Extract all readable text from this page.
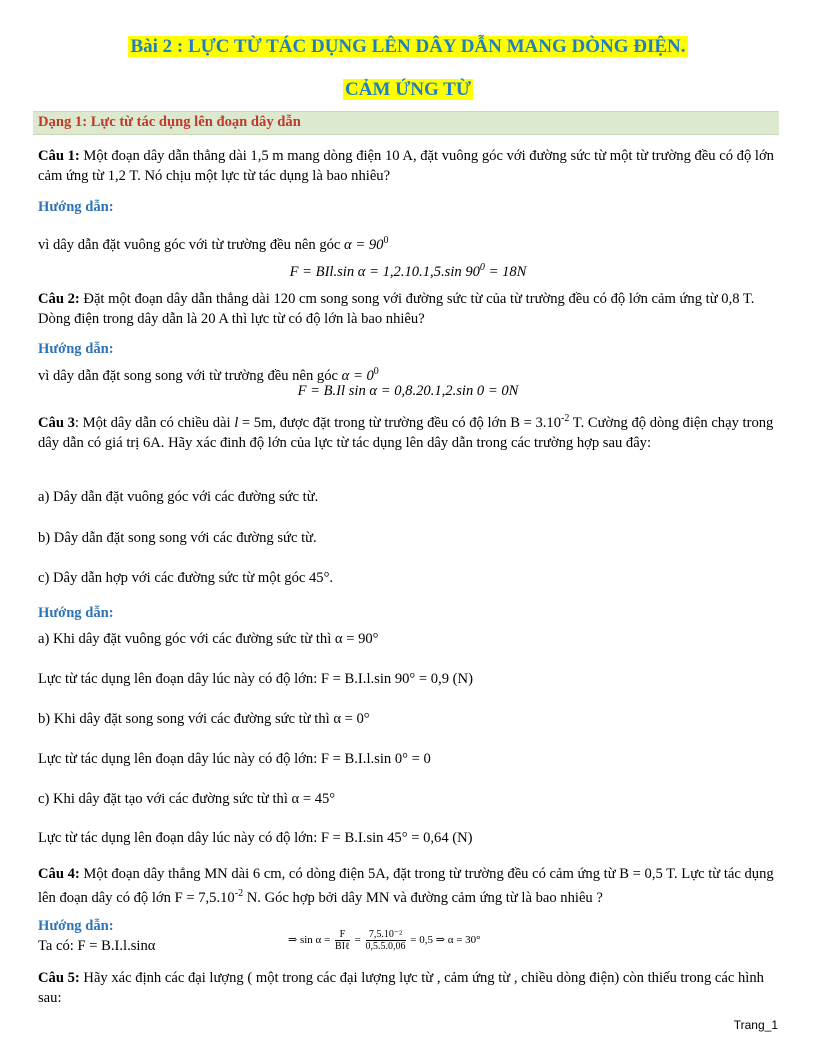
Bài 2 : LỰC TỪ TÁC DỤNG LÊN DÂY DẪN MANG DÒNG ĐIỆN.
CẢM ỨNG TỪ
Dạng 1: Lực từ tác dụng lên đoạn dây dẫn
Câu 1: Một đoạn dây dẫn thẳng dài 1,5 m mang dòng điện 10 A, đặt vuông góc với đường sức từ một từ trường đều có độ lớn cảm ứng từ 1,2 T. Nó chịu một lực từ tác dụng là bao nhiêu?
Hướng dẫn:
vì dây dẫn đặt vuông góc với từ trường đều nên góc $\alpha = 90^0$
F = BIl.sin α = 1,2.10.1,5.sin $90^0 = 18N$
Câu 2: Đặt một đoạn dây dẫn thẳng dài 120 cm song song với đường sức từ của từ trường đều có độ lớn cảm ứng từ 0,8 T. Dòng điện trong dây dẫn là 20 A thì lực từ có độ lớn là bao nhiêu?
Hướng dẫn:
vì dây dẫn đặt song song với từ trường đều nên góc $\alpha = 0^0$
F = B.Il sin α = 0,8.20.1,2.sin 0 = 0N
Câu 3: Một dây dẫn có chiều dài l = 5m, được đặt trong từ trường đều có độ lớn $B = 3.10^{-2}$ T. Cường độ dòng điện chạy trong dây dẫn có giá trị 6A. Hãy xác đinh độ lớn của lực từ tác dụng lên dây dẫn trong các trường hợp sau đây:
a) Dây dẫn đặt vuông góc với các đường sức từ.
b) Dây dẫn đặt song song với các đường sức từ.
c) Dây dẫn hợp với các đường sức từ một góc 45°.
Hướng dẫn:
a) Khi dây đặt vuông góc với các đường sức từ thì α = 90°
Lực từ tác dụng lên đoạn dây lúc này có độ lớn: F = B.I.l.sin 90° = 0,9 (N)
b) Khi dây đặt song song với các đường sức từ thì α = 0°
Lực từ tác dụng lên đoạn dây lúc này có độ lớn: F = B.I.l.sin 0° = 0
c) Khi dây đặt tạo với các đường sức từ thì α = 45°
Lực từ tác dụng lên đoạn dây lúc này có độ lớn: F = B.I.sin 45° = 0,64 (N)
Câu 4: Một đoạn dây thẳng MN dài 6 cm, có dòng điện 5A, đặt trong từ trường đều có cảm ứng từ B = 0,5 T. Lực từ tác dụng lên đoạn dây có độ lớn $F = 7,5.10^{-2}$ N. Góc hợp bởi dây MN và đường cảm ứng từ là bao nhiêu ?
Hướng dẫn:
Ta có: F = B.I.l.sinα	⇒ $\sin \alpha = \frac{F}{\text{BIℓ}} = \frac{\text{7,5.10⁻²}}{0,5.5.0,06} = 0,5$ ⇒ α = 30°
Câu 5: Hãy xác định các đại lượng ( một trong các đại lượng lực từ , cảm ứng từ , chiều dòng điện) còn thiếu trong các hình sau:
Trang_1
